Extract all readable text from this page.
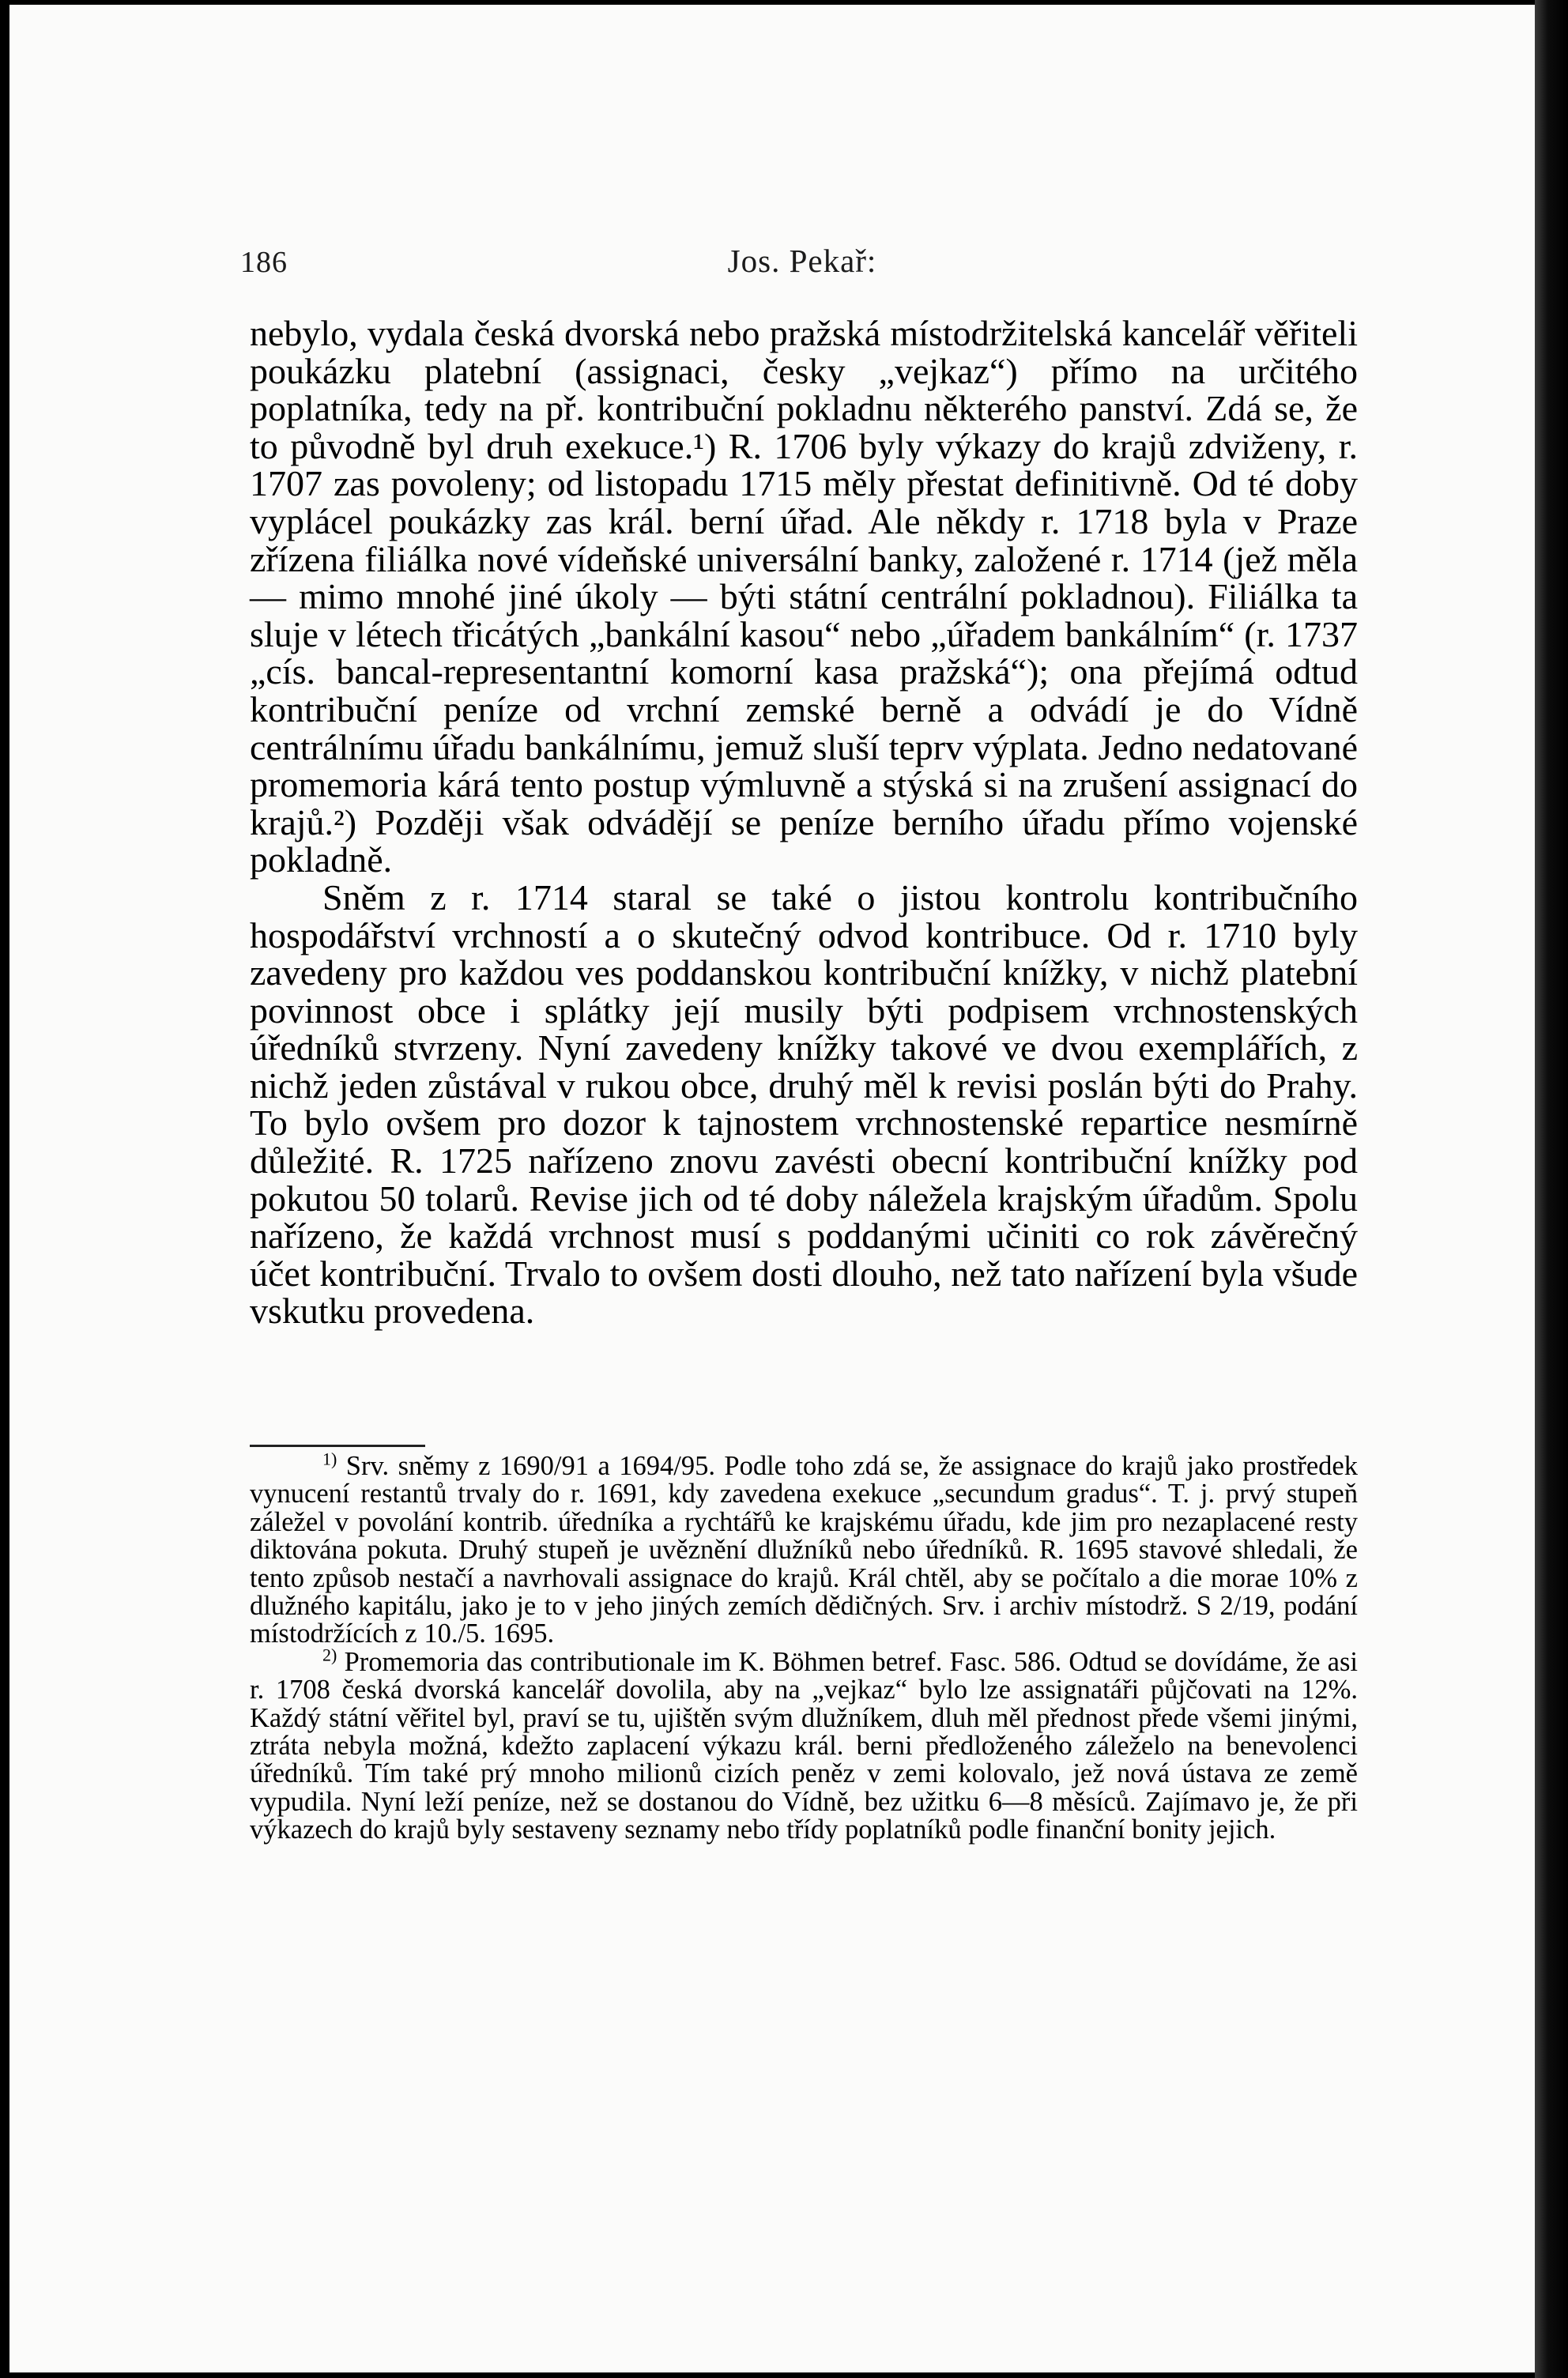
186	Jos. Pekař:

nebylo, vydala česká dvorská nebo pražská místodržitelská kancelář věřiteli poukázku platební (assignaci, česky „vejkaz“) přímo na určitého poplatníka, tedy na př. kontribuční pokladnu některého panství. Zdá se, že to původně byl druh exekuce.¹) R. 1706 byly výkazy do krajů zdviženy, r. 1707 zas povoleny; od listopadu 1715 měly přestat definitivně. Od té doby vyplácel poukázky zas král. berní úřad. Ale někdy r. 1718 byla v Praze zřízena filiálka nové vídeňské universální banky, založené r. 1714 (jež měla — mimo mnohé jiné úkoly — býti státní centrální pokladnou). Filiálka ta sluje v létech třicátých „bankální kasou“ nebo „úřadem bankálním“ (r. 1737 „cís. bancal-representantní komorní kasa pražská“); ona přejímá odtud kontribuční peníze od vrchní zemské berně a odvádí je do Vídně centrálnímu úřadu bankálnímu, jemuž sluší teprv výplata. Jedno nedatované promemoria kárá tento postup výmluvně a stýská si na zrušení assignací do krajů.²) Později však odvádějí se peníze berního úřadu přímo vojenské pokladně.

Sněm z r. 1714 staral se také o jistou kontrolu kontribučního hospodářství vrchností a o skutečný odvod kontribuce. Od r. 1710 byly zavedeny pro každou ves poddanskou kontribuční knížky, v nichž platební povinnost obce i splátky její musily býti podpisem vrchnostenských úředníků stvrzeny. Nyní zavedeny knížky takové ve dvou exemplářích, z nichž jeden zůstával v rukou obce, druhý měl k revisi poslán býti do Prahy. To bylo ovšem pro dozor k tajnostem vrchnostenské repartice nesmírně důležité. R. 1725 nařízeno znovu zavésti obecní kontribuční knížky pod pokutou 50 tolarů. Revise jich od té doby náležela krajským úřadům. Spolu nařízeno, že každá vrchnost musí s poddanými učiniti co rok závěrečný účet kontribuční. Trvalo to ovšem dosti dlouho, než tato nařízení byla všude vskutku provedena.

$^{1)}$ Srv. sněmy z 1690/91 a 1694/95. Podle toho zdá se, že assignace do krajů jako prostředek vynucení restantů trvaly do r. 1691, kdy zavedena exekuce „secundum gradus“. T. j. prvý stupeň záležel v povolání kontrib. úředníka a rychtářů ke krajskému úřadu, kde jim pro nezaplacené resty diktována pokuta. Druhý stupeň je uvěznění dlužníků nebo úředníků. R. 1695 stavové shledali, že tento způsob nestačí a navrhovali assignace do krajů. Král chtěl, aby se počítalo a die morae 10% z dlužného kapitálu, jako je to v jeho jiných zemích dědičných. Srv. i archiv místodrž. S 2/19, podání místodržících z 10./5. 1695.

$^{2)}$ Promemoria das contributionale im K. Böhmen betref. Fasc. 586. Odtud se dovídáme, že asi r. 1708 česká dvorská kancelář dovolila, aby na „vejkaz“ bylo lze assignatáři půjčovati na 12%. Každý státní věřitel byl, praví se tu, ujištěn svým dlužníkem, dluh měl přednost přede všemi jinými, ztráta nebyla možná, kdežto zaplacení výkazu král. berni předloženého záleželo na benevolenci úředníků. Tím také prý mnoho milionů cizích peněz v zemi kolovalo, jež nová ústava ze země vypudila. Nyní leží peníze, než se dostanou do Vídně, bez užitku 6—8 měsíců. Zajímavo je, že při výkazech do krajů byly sestaveny seznamy nebo třídy poplatníků podle finanční bonity jejich.
